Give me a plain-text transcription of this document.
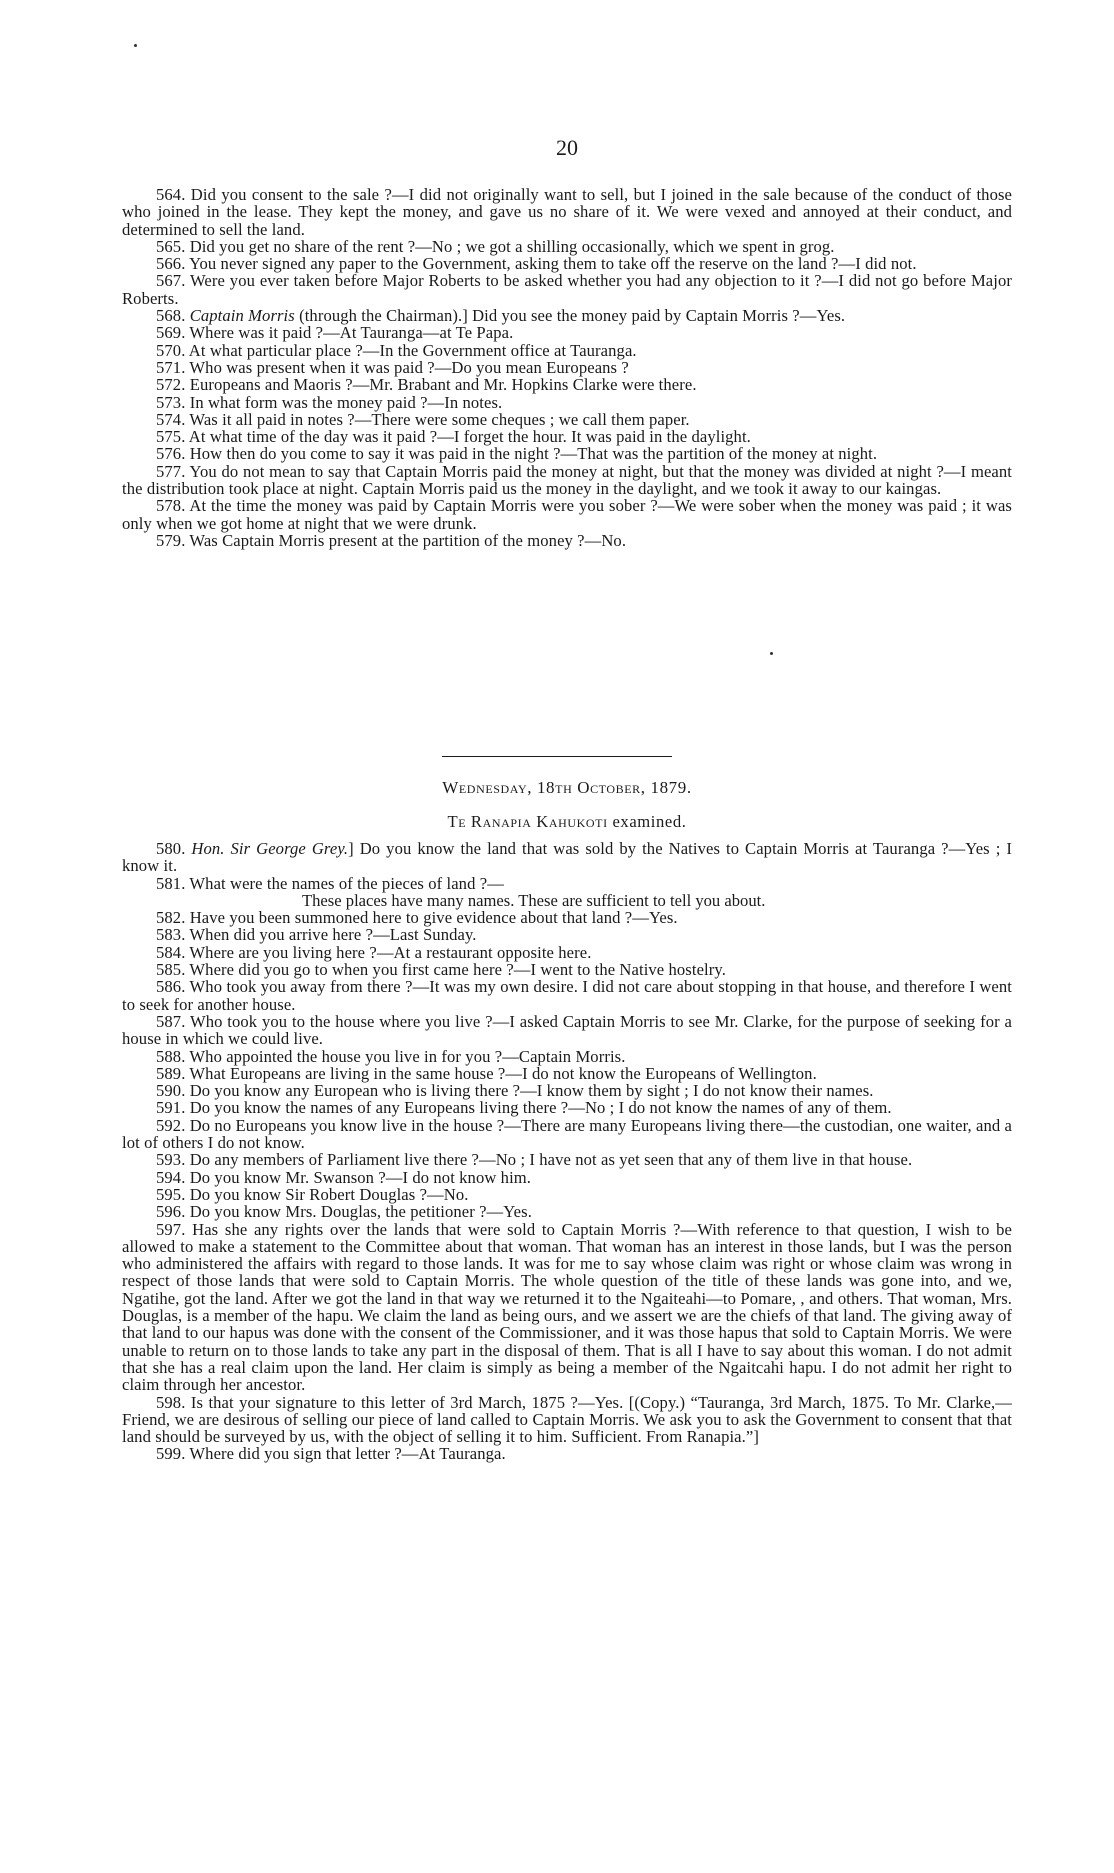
20

564. Did you consent to the sale ?—I did not originally want to sell, but I joined in the sale because of the conduct of those who joined in the lease. They kept the money, and gave us no share of it. We were vexed and annoyed at their conduct, and determined to sell the land.

565. Did you get no share of the rent ?—No ; we got a shilling occasionally, which we spent in grog.

566. You never signed any paper to the Government, asking them to take off the reserve on the land ?—I did not.

567. Were you ever taken before Major Roberts to be asked whether you had any objection to it ?—I did not go before Major Roberts.

568. Captain Morris (through the Chairman).] Did you see the money paid by Captain Morris ?—Yes.

569. Where was it paid ?—At Tauranga—at Te Papa.

570. At what particular place ?—In the Government office at Tauranga.

571. Who was present when it was paid ?—Do you mean Europeans ?

572. Europeans and Maoris ?—Mr. Brabant and Mr. Hopkins Clarke were there.

573. In what form was the money paid ?—In notes.

574. Was it all paid in notes ?—There were some cheques ; we call them paper.

575. At what time of the day was it paid ?—I forget the hour. It was paid in the daylight.

576. How then do you come to say it was paid in the night ?—That was the partition of the money at night.

577. You do not mean to say that Captain Morris paid the money at night, but that the money was divided at night ?—I meant the distribution took place at night. Captain Morris paid us the money in the daylight, and we took it away to our kaingas.

578. At the time the money was paid by Captain Morris were you sober ?—We were sober when the money was paid ; it was only when we got home at night that we were drunk.

579. Was Captain Morris present at the partition of the money ?—No.

Wednesday, 18th October, 1879.
Te Ranapia Kahukoti examined.

580. Hon. Sir George Grey.] Do you know the land that was sold by the Natives to Captain Morris at Tauranga ?—Yes ; I know it.

581. What were the names of the pieces of land ?—

These places have many names. These are sufficient to tell you about.

582. Have you been summoned here to give evidence about that land ?—Yes.

583. When did you arrive here ?—Last Sunday.

584. Where are you living here ?—At a restaurant opposite here.

585. Where did you go to when you first came here ?—I went to the Native hostelry.

586. Who took you away from there ?—It was my own desire. I did not care about stopping in that house, and therefore I went to seek for another house.

587. Who took you to the house where you live ?—I asked Captain Morris to see Mr. Clarke, for the purpose of seeking for a house in which we could live.

588. Who appointed the house you live in for you ?—Captain Morris.

589. What Europeans are living in the same house ?—I do not know the Europeans of Wellington.

590. Do you know any European who is living there ?—I know them by sight ; I do not know their names.

591. Do you know the names of any Europeans living there ?—No ; I do not know the names of any of them.

592. Do no Europeans you know live in the house ?—There are many Europeans living there—the custodian, one waiter, and a lot of others I do not know.

593. Do any members of Parliament live there ?—No ; I have not as yet seen that any of them live in that house.

594. Do you know Mr. Swanson ?—I do not know him.

595. Do you know Sir Robert Douglas ?—No.

596. Do you know Mrs. Douglas, the petitioner ?—Yes.

597. Has she any rights over the lands that were sold to Captain Morris ?—With reference to that question, I wish to be allowed to make a statement to the Committee about that woman. That woman has an interest in those lands, but I was the person who administered the affairs with regard to those lands. It was for me to say whose claim was right or whose claim was wrong in respect of those lands that were sold to Captain Morris. The whole question of the title of these lands was gone into, and we, Ngatihe, got the land. After we got the land in that way we returned it to the Ngaiteahi—to Pomare, , and others. That woman, Mrs. Douglas, is a member of the hapu. We claim the land as being ours, and we assert we are the chiefs of that land. The giving away of that land to our hapus was done with the consent of the Commissioner, and it was those hapus that sold to Captain Morris. We were unable to return on to those lands to take any part in the disposal of them. That is all I have to say about this woman. I do not admit that she has a real claim upon the land. Her claim is simply as being a member of the Ngaitcahi hapu. I do not admit her right to claim through her ancestor.

598. Is that your signature to this letter of 3rd March, 1875 ?—Yes. [(Copy.) “Tauranga, 3rd March, 1875. To Mr. Clarke,—Friend, we are desirous of selling our piece of land called to Captain Morris. We ask you to ask the Government to consent that that land should be surveyed by us, with the object of selling it to him. Sufficient. From Ranapia.”]

599. Where did you sign that letter ?—At Tauranga.
